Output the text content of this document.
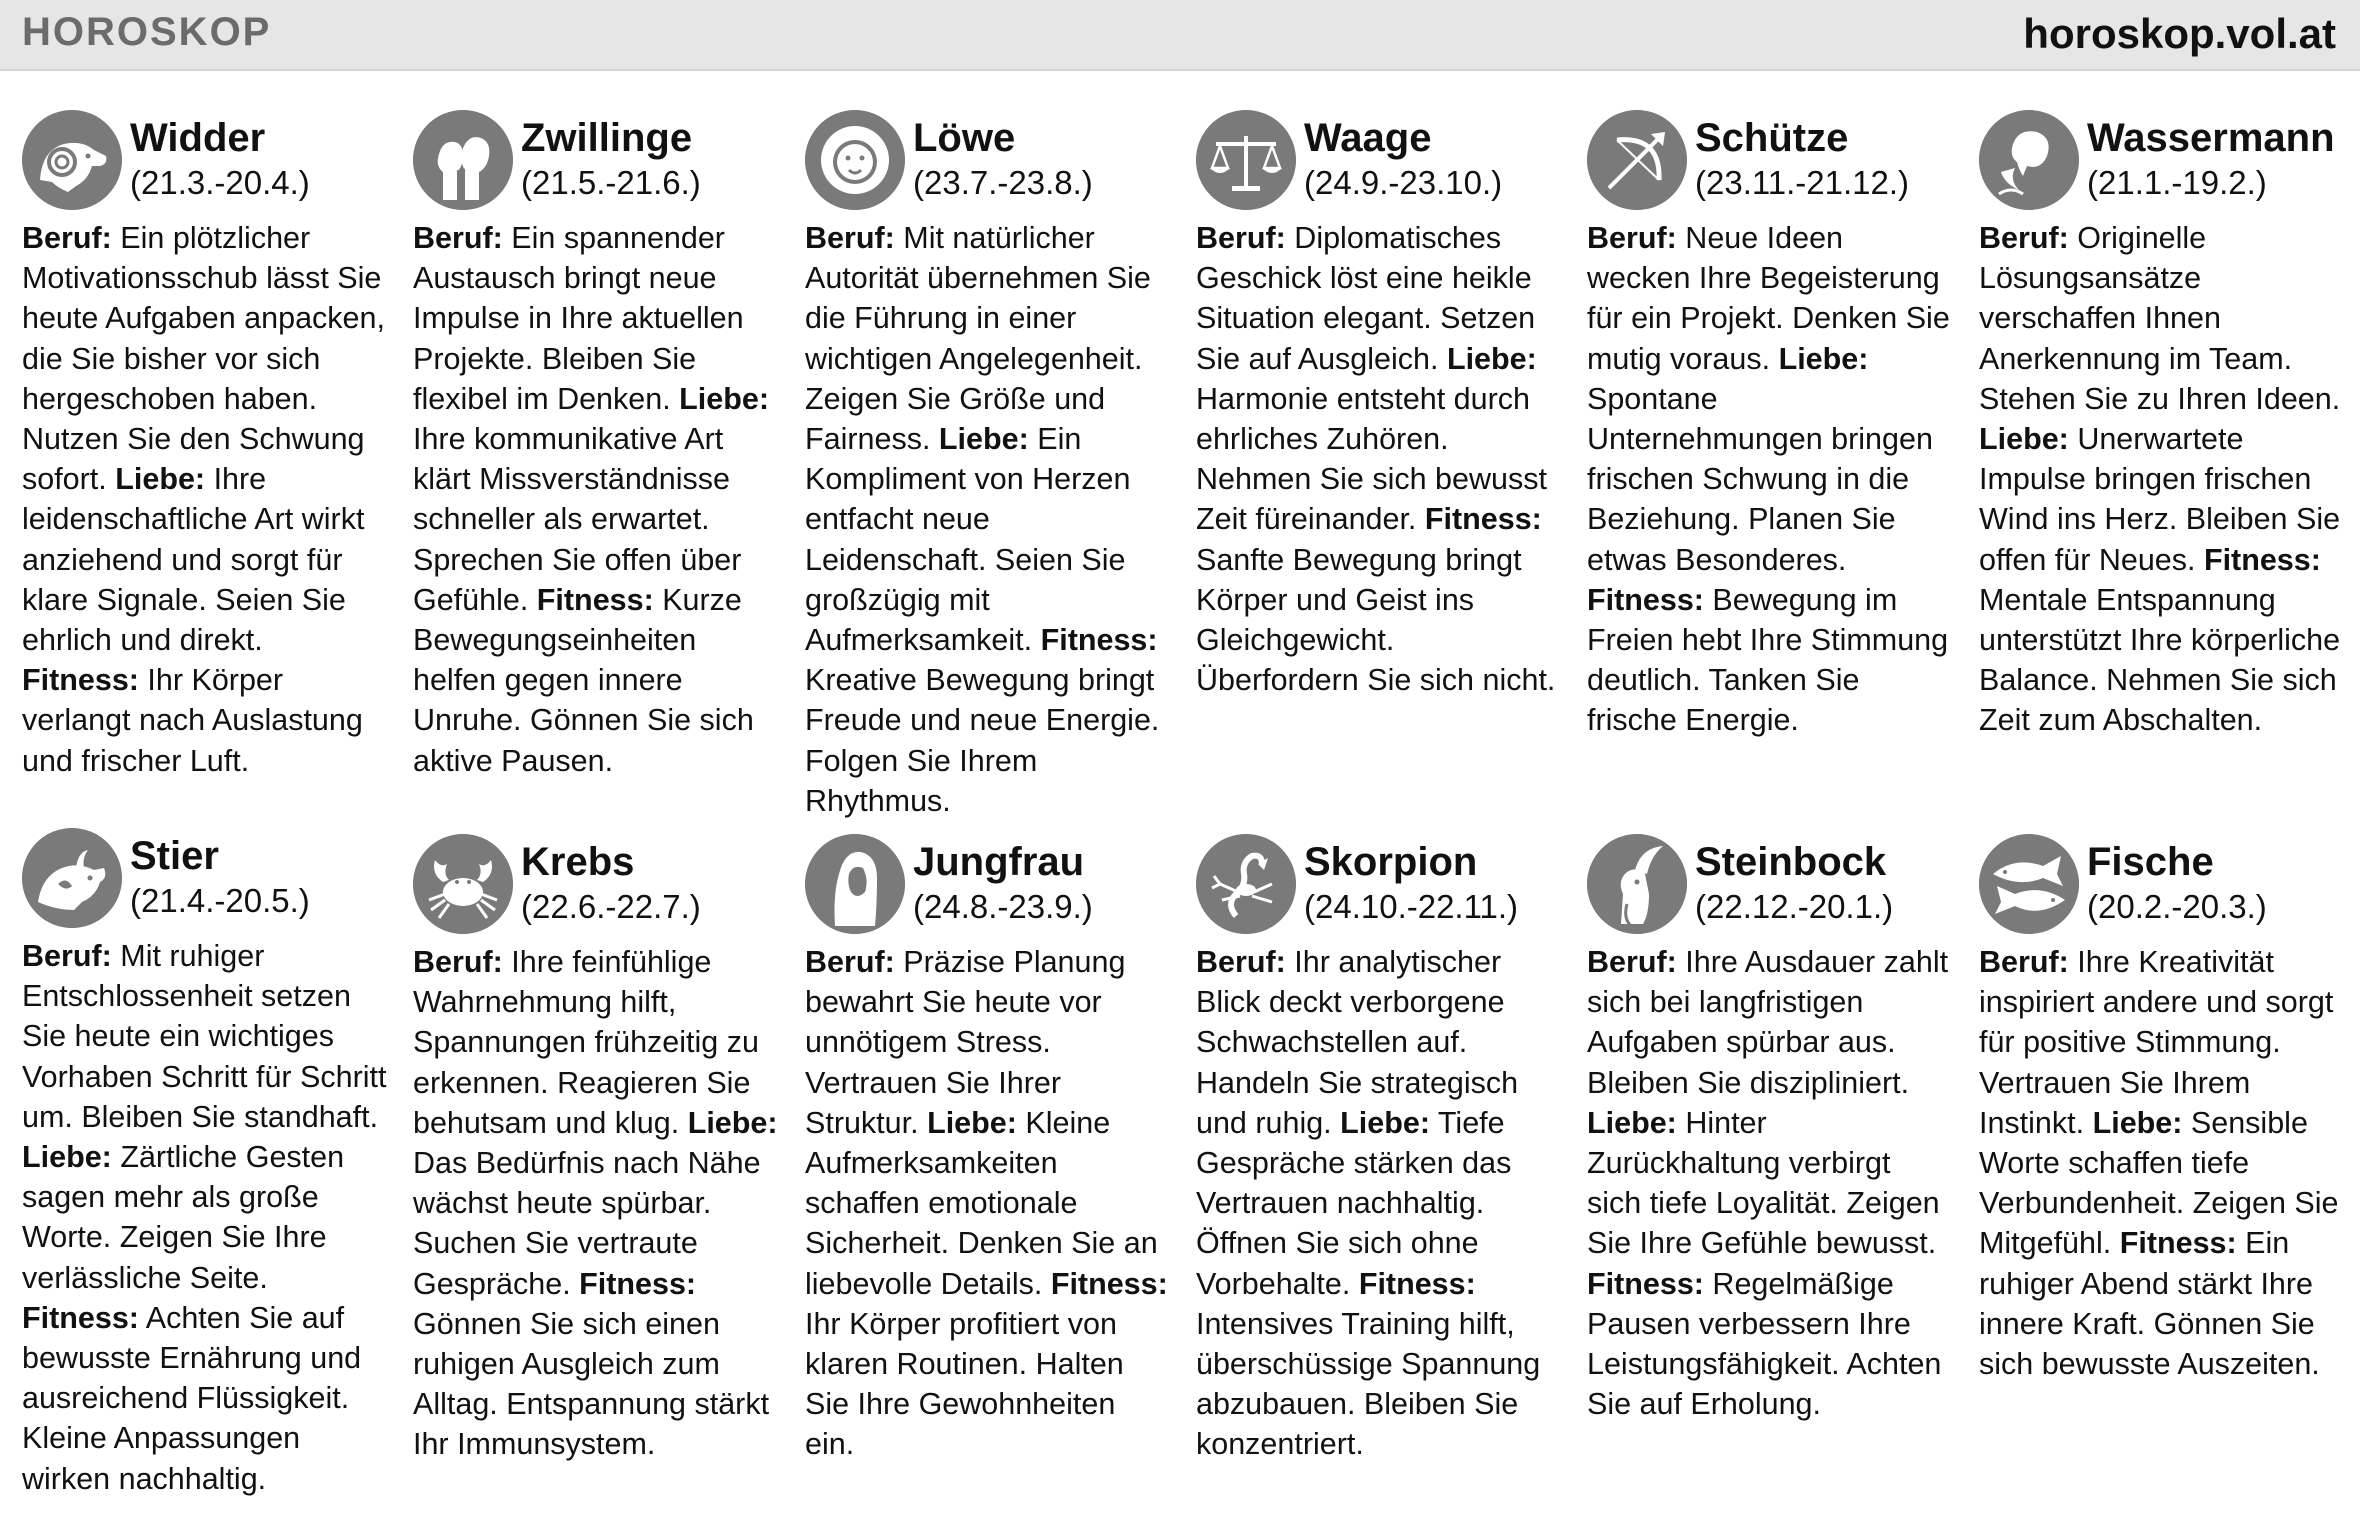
HOROSKOP	horoskop.vol.at
Widder
(21.3.-20.4.)
Beruf: Ein plötzlicher Motivationsschub lässt Sie heute Aufgaben anpacken, die Sie bisher vor sich hergeschoben haben. Nutzen Sie den Schwung sofort. Liebe: Ihre leidenschaftliche Art wirkt anziehend und sorgt für klare Signale. Seien Sie ehrlich und direkt. Fitness: Ihr Körper verlangt nach Auslastung und frischer Luft.
Zwillinge
(21.5.-21.6.)
Beruf: Ein spannender Austausch bringt neue Impulse in Ihre aktuellen Projekte. Bleiben Sie flexibel im Denken. Liebe: Ihre kommunikative Art klärt Missverständnisse schneller als erwartet. Sprechen Sie offen über Gefühle. Fitness: Kurze Bewegungseinheiten helfen gegen innere Unruhe. Gönnen Sie sich aktive Pausen.
Löwe
(23.7.-23.8.)
Beruf: Mit natürlicher Autorität übernehmen Sie die Führung in einer wichtigen Angelegenheit. Zeigen Sie Größe und Fairness. Liebe: Ein Kompliment von Herzen entfacht neue Leidenschaft. Seien Sie großzügig mit Aufmerksamkeit. Fitness: Kreative Bewegung bringt Freude und neue Energie. Folgen Sie Ihrem Rhythmus.
Waage
(24.9.-23.10.)
Beruf: Diplomatisches Geschick löst eine heikle Situation elegant. Setzen Sie auf Ausgleich. Liebe: Harmonie entsteht durch ehrliches Zuhören. Nehmen Sie sich bewusst Zeit füreinander. Fitness: Sanfte Bewegung bringt Körper und Geist ins Gleichgewicht. Überfordern Sie sich nicht.
Schütze
(23.11.-21.12.)
Beruf: Neue Ideen wecken Ihre Begeisterung für ein Projekt. Denken Sie mutig voraus. Liebe: Spontane Unternehmungen bringen frischen Schwung in die Beziehung. Planen Sie etwas Besonderes. Fitness: Bewegung im Freien hebt Ihre Stimmung deutlich. Tanken Sie frische Energie.
Wassermann
(21.1.-19.2.)
Beruf: Originelle Lösungsansätze verschaffen Ihnen Anerkennung im Team. Stehen Sie zu Ihren Ideen. Liebe: Unerwartete Impulse bringen frischen Wind ins Herz. Bleiben Sie offen für Neues. Fitness: Mentale Entspannung unterstützt Ihre körperliche Balance. Nehmen Sie sich Zeit zum Abschalten.
Stier
(21.4.-20.5.)
Beruf: Mit ruhiger Entschlossenheit setzen Sie heute ein wichtiges Vorhaben Schritt für Schritt um. Bleiben Sie standhaft. Liebe: Zärtliche Gesten sagen mehr als große Worte. Zeigen Sie Ihre verlässliche Seite. Fitness: Achten Sie auf bewusste Ernährung und ausreichend Flüssigkeit. Kleine Anpassungen wirken nachhaltig.
Krebs
(22.6.-22.7.)
Beruf: Ihre feinfühlige Wahrnehmung hilft, Spannungen frühzeitig zu erkennen. Reagieren Sie behutsam und klug. Liebe: Das Bedürfnis nach Nähe wächst heute spürbar. Suchen Sie vertraute Gespräche. Fitness: Gönnen Sie sich einen ruhigen Ausgleich zum Alltag. Entspannung stärkt Ihr Immunsystem.
Jungfrau
(24.8.-23.9.)
Beruf: Präzise Planung bewahrt Sie heute vor unnötigem Stress. Vertrauen Sie Ihrer Struktur. Liebe: Kleine Aufmerksamkeiten schaffen emotionale Sicherheit. Denken Sie an liebevolle Details. Fitness: Ihr Körper profitiert von klaren Routinen. Halten Sie Ihre Gewohnheiten ein.
Skorpion
(24.10.-22.11.)
Beruf: Ihr analytischer Blick deckt verborgene Schwachstellen auf. Handeln Sie strategisch und ruhig. Liebe: Tiefe Gespräche stärken das Vertrauen nachhaltig. Öffnen Sie sich ohne Vorbehalte. Fitness: Intensives Training hilft, überschüssige Spannung abzubauen. Bleiben Sie konzentriert.
Steinbock
(22.12.-20.1.)
Beruf: Ihre Ausdauer zahlt sich bei langfristigen Aufgaben spürbar aus. Bleiben Sie diszipliniert. Liebe: Hinter Zurückhaltung verbirgt sich tiefe Loyalität. Zeigen Sie Ihre Gefühle bewusst. Fitness: Regelmäßige Pausen verbessern Ihre Leistungsfähigkeit. Achten Sie auf Erholung.
Fische
(20.2.-20.3.)
Beruf: Ihre Kreativität inspiriert andere und sorgt für positive Stimmung. Vertrauen Sie Ihrem Instinkt. Liebe: Sensible Worte schaffen tiefe Verbundenheit. Zeigen Sie Mitgefühl. Fitness: Ein ruhiger Abend stärkt Ihre innere Kraft. Gönnen Sie sich bewusste Auszeiten.
